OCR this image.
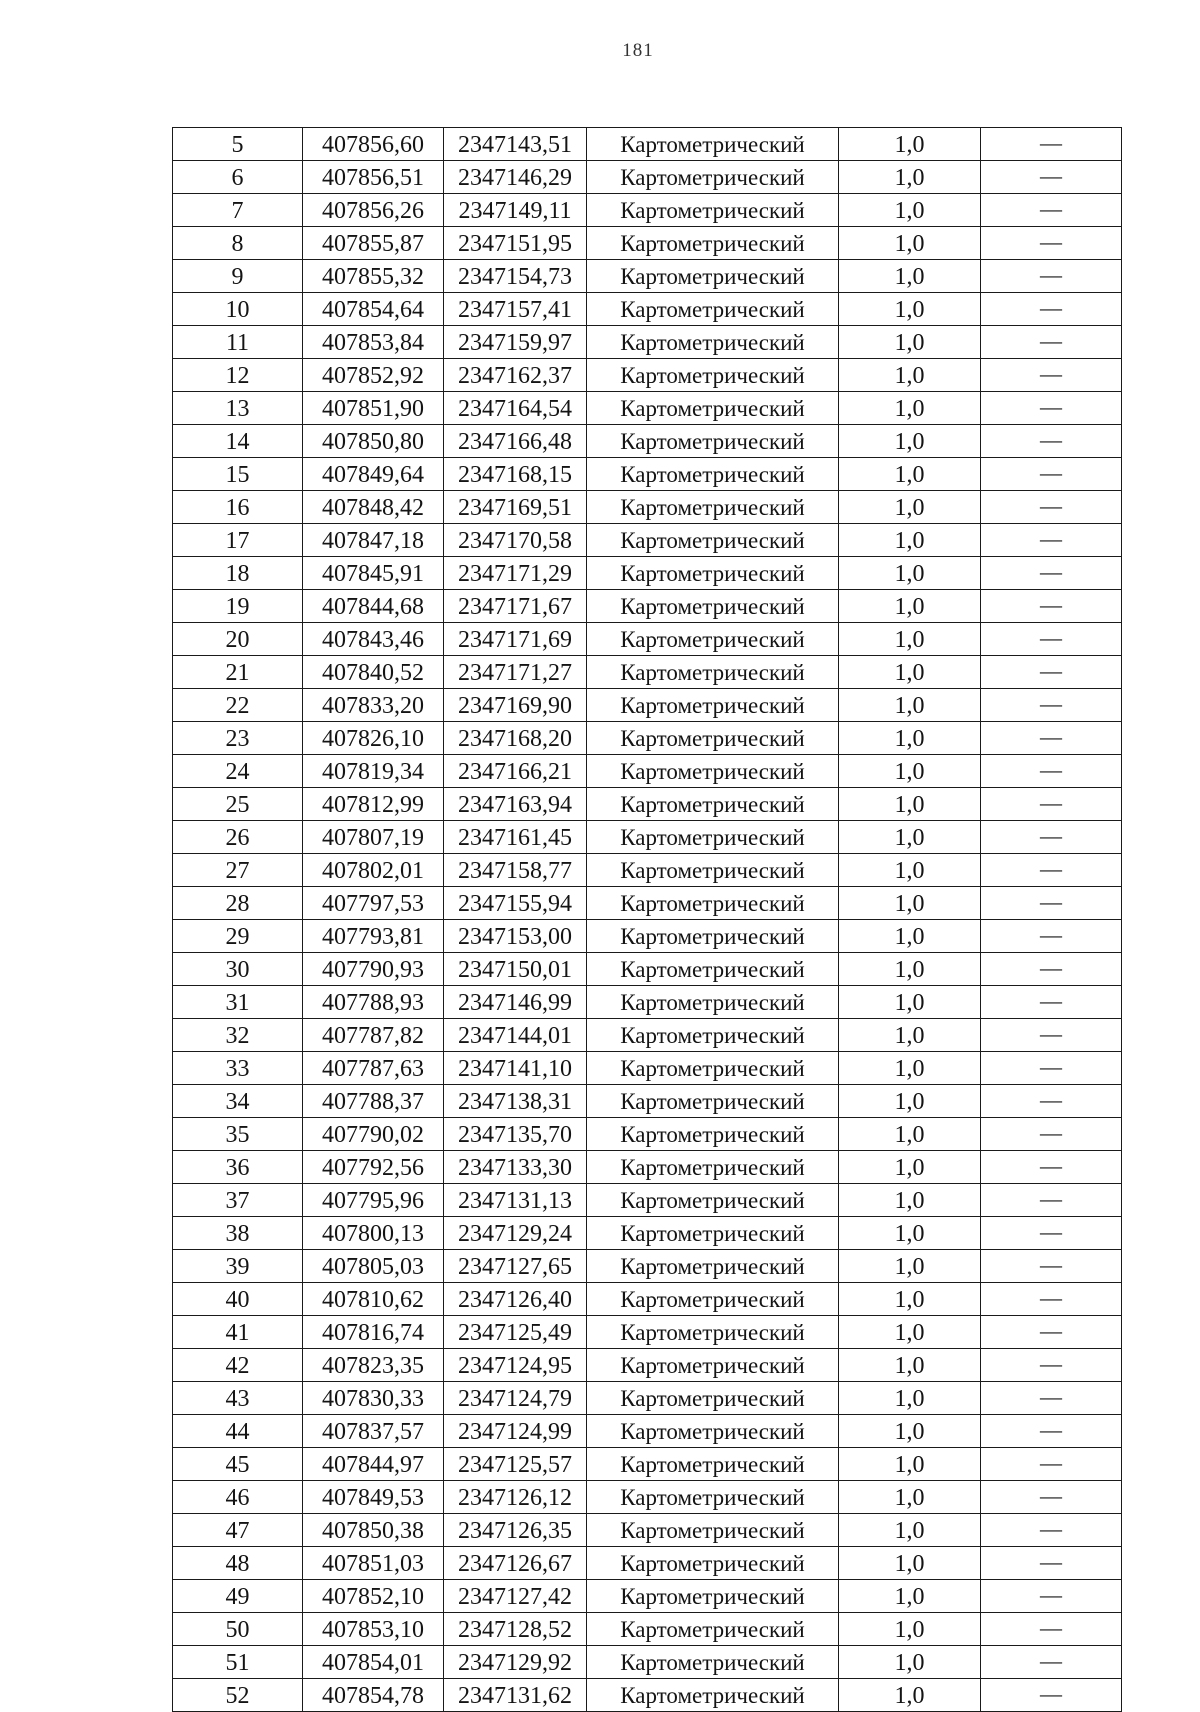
181
5	407856,60	2347143,51	Картометрический	1,0	—
6	407856,51	2347146,29	Картометрический	1,0	—
7	407856,26	2347149,11	Картометрический	1,0	—
8	407855,87	2347151,95	Картометрический	1,0	—
9	407855,32	2347154,73	Картометрический	1,0	—
10	407854,64	2347157,41	Картометрический	1,0	—
11	407853,84	2347159,97	Картометрический	1,0	—
12	407852,92	2347162,37	Картометрический	1,0	—
13	407851,90	2347164,54	Картометрический	1,0	—
14	407850,80	2347166,48	Картометрический	1,0	—
15	407849,64	2347168,15	Картометрический	1,0	—
16	407848,42	2347169,51	Картометрический	1,0	—
17	407847,18	2347170,58	Картометрический	1,0	—
18	407845,91	2347171,29	Картометрический	1,0	—
19	407844,68	2347171,67	Картометрический	1,0	—
20	407843,46	2347171,69	Картометрический	1,0	—
21	407840,52	2347171,27	Картометрический	1,0	—
22	407833,20	2347169,90	Картометрический	1,0	—
23	407826,10	2347168,20	Картометрический	1,0	—
24	407819,34	2347166,21	Картометрический	1,0	—
25	407812,99	2347163,94	Картометрический	1,0	—
26	407807,19	2347161,45	Картометрический	1,0	—
27	407802,01	2347158,77	Картометрический	1,0	—
28	407797,53	2347155,94	Картометрический	1,0	—
29	407793,81	2347153,00	Картометрический	1,0	—
30	407790,93	2347150,01	Картометрический	1,0	—
31	407788,93	2347146,99	Картометрический	1,0	—
32	407787,82	2347144,01	Картометрический	1,0	—
33	407787,63	2347141,10	Картометрический	1,0	—
34	407788,37	2347138,31	Картометрический	1,0	—
35	407790,02	2347135,70	Картометрический	1,0	—
36	407792,56	2347133,30	Картометрический	1,0	—
37	407795,96	2347131,13	Картометрический	1,0	—
38	407800,13	2347129,24	Картометрический	1,0	—
39	407805,03	2347127,65	Картометрический	1,0	—
40	407810,62	2347126,40	Картометрический	1,0	—
41	407816,74	2347125,49	Картометрический	1,0	—
42	407823,35	2347124,95	Картометрический	1,0	—
43	407830,33	2347124,79	Картометрический	1,0	—
44	407837,57	2347124,99	Картометрический	1,0	—
45	407844,97	2347125,57	Картометрический	1,0	—
46	407849,53	2347126,12	Картометрический	1,0	—
47	407850,38	2347126,35	Картометрический	1,0	—
48	407851,03	2347126,67	Картометрический	1,0	—
49	407852,10	2347127,42	Картометрический	1,0	—
50	407853,10	2347128,52	Картометрический	1,0	—
51	407854,01	2347129,92	Картометрический	1,0	—
52	407854,78	2347131,62	Картометрический	1,0	—
